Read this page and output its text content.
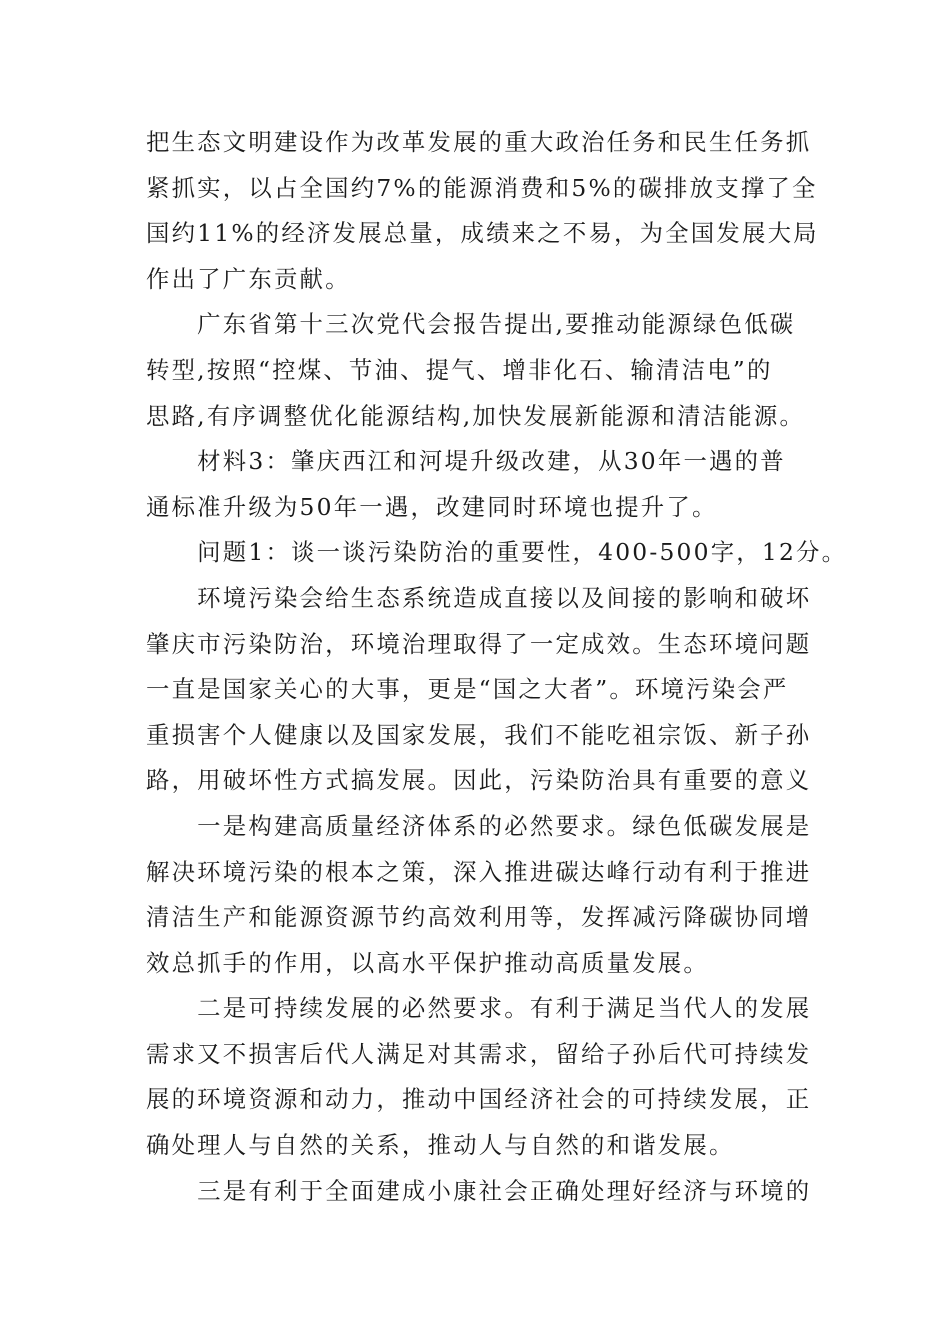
把生态文明建设作为改革发展的重大政治任务和民生任务抓
紧抓实，以占全国约7%的能源消费和5%的碳排放支撑了全
国约11%的经济发展总量，成绩来之不易，为全国发展大局
作出了广东贡献。
　　广东省第十三次党代会报告提出,要推动能源绿色低碳
转型,按照“控煤、节油、提气、增非化石、输清洁电”的
思路,有序调整优化能源结构,加快发展新能源和清洁能源。
　　材料3：肇庆西江和河堤升级改建，从30年一遇的普
通标准升级为50年一遇，改建同时环境也提升了。
　　问题1：谈一谈污染防治的重要性，400-500字，12分。
　　环境污染会给生态系统造成直接以及间接的影响和破坏
肇庆市污染防治，环境治理取得了一定成效。生态环境问题
一直是国家关心的大事，更是“国之大者”。环境污染会严
重损害个人健康以及国家发展，我们不能吃祖宗饭、新子孙
路，用破坏性方式搞发展。因此，污染防治具有重要的意义
　　一是构建高质量经济体系的必然要求。绿色低碳发展是
解决环境污染的根本之策，深入推进碳达峰行动有利于推进
清洁生产和能源资源节约高效利用等，发挥减污降碳协同增
效总抓手的作用，以高水平保护推动高质量发展。
　　二是可持续发展的必然要求。有利于满足当代人的发展
需求又不损害后代人满足对其需求，留给子孙后代可持续发
展的环境资源和动力，推动中国经济社会的可持续发展，正
确处理人与自然的关系，推动人与自然的和谐发展。
　　三是有利于全面建成小康社会正确处理好经济与环境的
